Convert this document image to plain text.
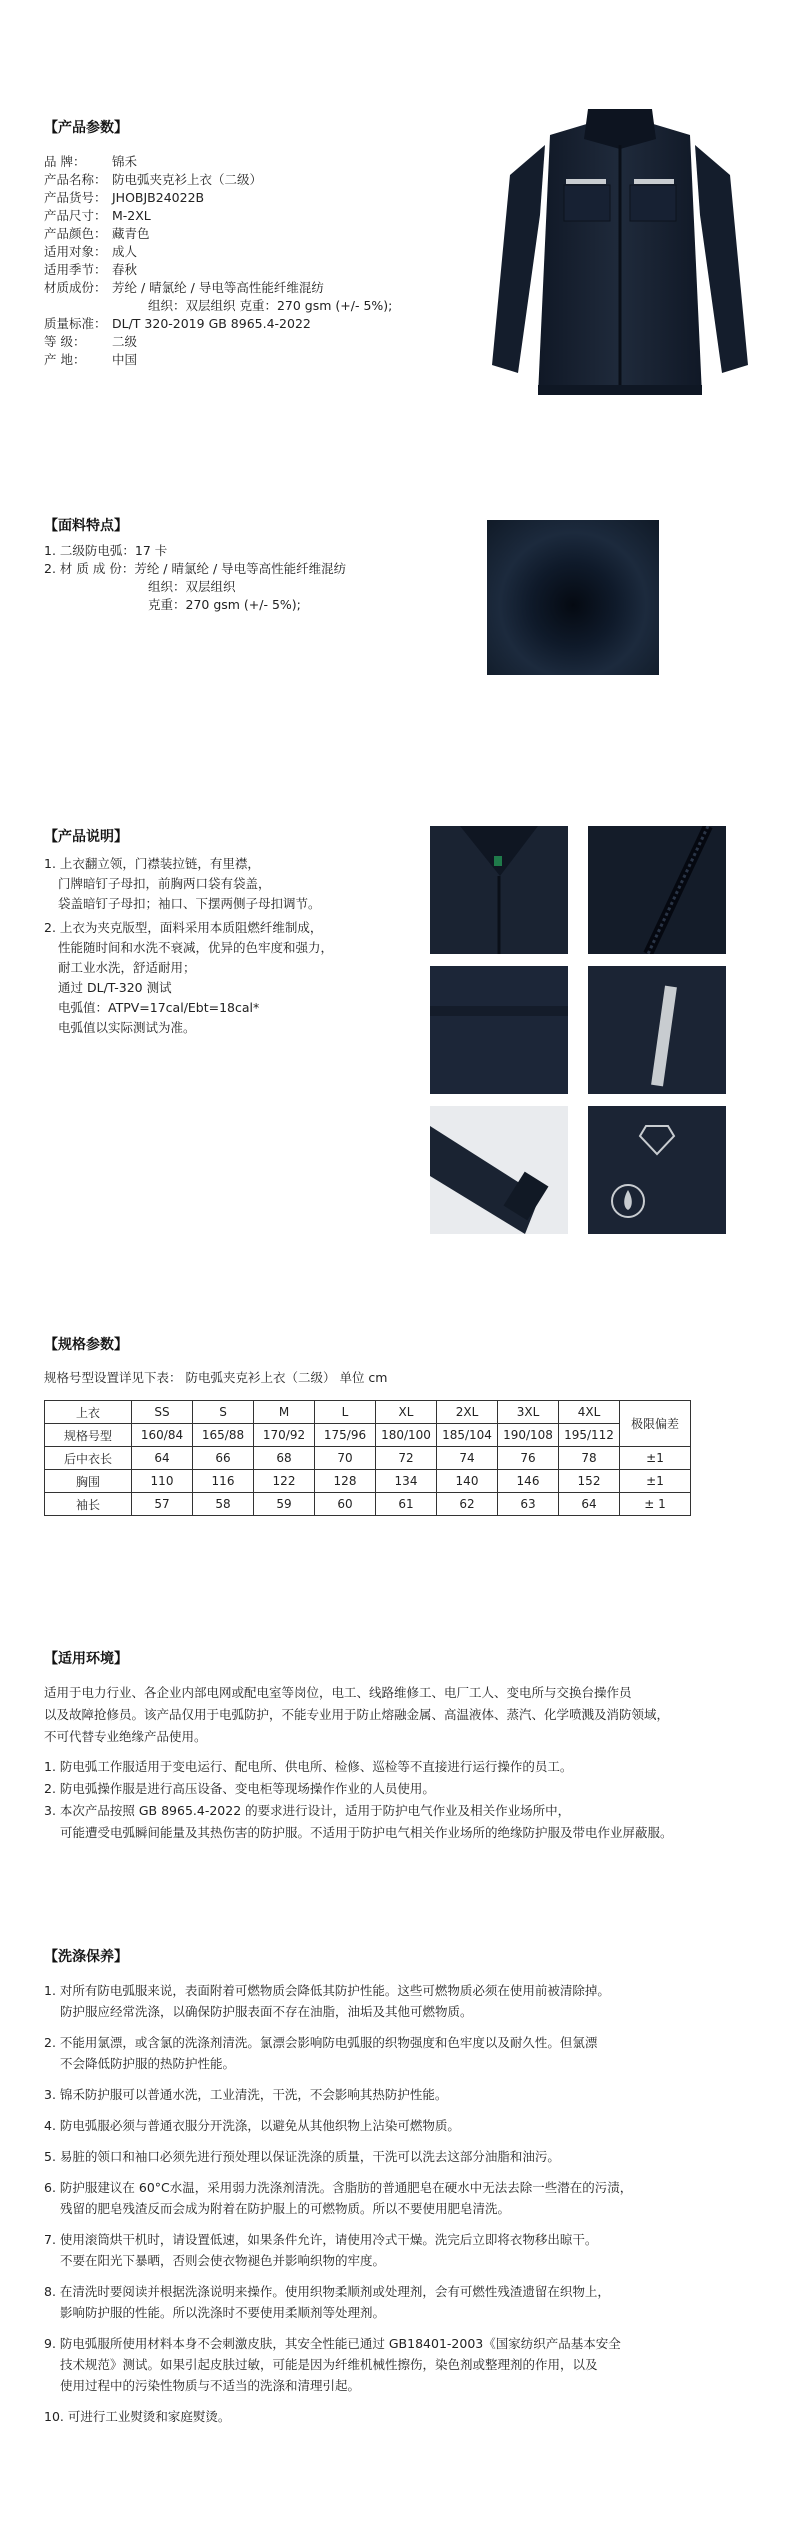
【产品参数】
品 牌：	锦禾
产品名称： 防电弧夹克衫上衣（二级）
产品货号： JHOBJB24022B
产品尺寸： M-2XL
产品颜色： 藏青色
适用对象： 成人
适用季节： 春秋
材质成份： 芳纶 / 晴氯纶 / 导电等高性能纤维混纺
组织：双层组织 克重：270 gsm (+/- 5%);
质量标准： DL/T 320-2019 GB 8965.4-2022
等 级：	二级
产 地：	中国
【面料特点】
1. 二级防电弧：17 卡
2. 材 质 成 份：芳纶 / 晴氯纶 / 导电等高性能纤维混纺
组织：双层组织
克重：270 gsm (+/- 5%);
【产品说明】
1. 上衣翻立领，门襟装拉链，有里襟，
门牌暗钉子母扣，前胸两口袋有袋盖，
袋盖暗钉子母扣；袖口、下摆两侧子母扣调节。
2. 上衣为夹克版型，面料采用本质阻燃纤维制成，
性能随时间和水洗不衰减，优异的色牢度和强力，
耐工业水洗，舒适耐用；
通过 DL/T-320 测试
电弧值：ATPV=17cal/Ebt=18cal*
电弧值以实际测试为准。
【规格参数】
规格号型设置详见下表： 防电弧夹克衫上衣（二级） 单位 cm
上衣	SS	S	M	L	XL	2XL	3XL	4XL	极限偏差
规格号型	160/84	165/88	170/92	175/96	180/100	185/104	190/108	195/112	
后中衣长	64	66	68	70	72	74	76	78	±1
胸围	110	116	122	128	134	140	146	152	±1
袖长	57	58	59	60	61	62	63	64	± 1
【适用环境】
适用于电力行业、各企业内部电网或配电室等岗位，电工、线路维修工、电厂工人、变电所与交换台操作员
以及故障抢修员。该产品仅用于电弧防护，不能专业用于防止熔融金属、高温液体、蒸汽、化学喷溅及消防领域，
不可代替专业绝缘产品使用。
1. 防电弧工作服适用于变电运行、配电所、供电所、检修、巡检等不直接进行运行操作的员工。
2. 防电弧操作服是进行高压设备、变电柜等现场操作作业的人员使用。
3. 本次产品按照 GB 8965.4-2022 的要求进行设计，适用于防护电气作业及相关作业场所中，
可能遭受电弧瞬间能量及其热伤害的防护服。不适用于防护电气相关作业场所的绝缘防护服及带电作业屏蔽服。
【洗涤保养】
1. 对所有防电弧服来说，表面附着可燃物质会降低其防护性能。这些可燃物质必须在使用前被清除掉。
防护服应经常洗涤，以确保防护服表面不存在油脂，油垢及其他可燃物质。
2. 不能用氯漂，或含氯的洗涤剂清洗。氯漂会影响防电弧服的织物强度和色牢度以及耐久性。但氯漂
不会降低防护服的热防护性能。
3. 锦禾防护服可以普通水洗，工业清洗，干洗，不会影响其热防护性能。
4. 防电弧服必须与普通衣服分开洗涤，以避免从其他织物上沾染可燃物质。
5. 易脏的领口和袖口必须先进行预处理以保证洗涤的质量，干洗可以洗去这部分油脂和油污。
6. 防护服建议在 60°C水温，采用弱力洗涤剂清洗。含脂肪的普通肥皂在硬水中无法去除一些潜在的污渍，
残留的肥皂残渣反而会成为附着在防护服上的可燃物质。所以不要使用肥皂清洗。
7. 使用滚筒烘干机时，请设置低速，如果条件允许，请使用冷式干燥。洗完后立即将衣物移出晾干。
不要在阳光下暴晒，否则会使衣物褪色并影响织物的牢度。
8. 在清洗时要阅读并根据洗涤说明来操作。使用织物柔顺剂或处理剂，会有可燃性残渣遗留在织物上，
影响防护服的性能。所以洗涤时不要使用柔顺剂等处理剂。
9. 防电弧服所使用材料本身不会刺激皮肤，其安全性能已通过 GB18401-2003《国家纺织产品基本安全
技术规范》测试。如果引起皮肤过敏，可能是因为纤维机械性擦伤，染色剂或整理剂的作用，以及
使用过程中的污染性物质与不适当的洗涤和清理引起。
10. 可进行工业熨烫和家庭熨烫。
